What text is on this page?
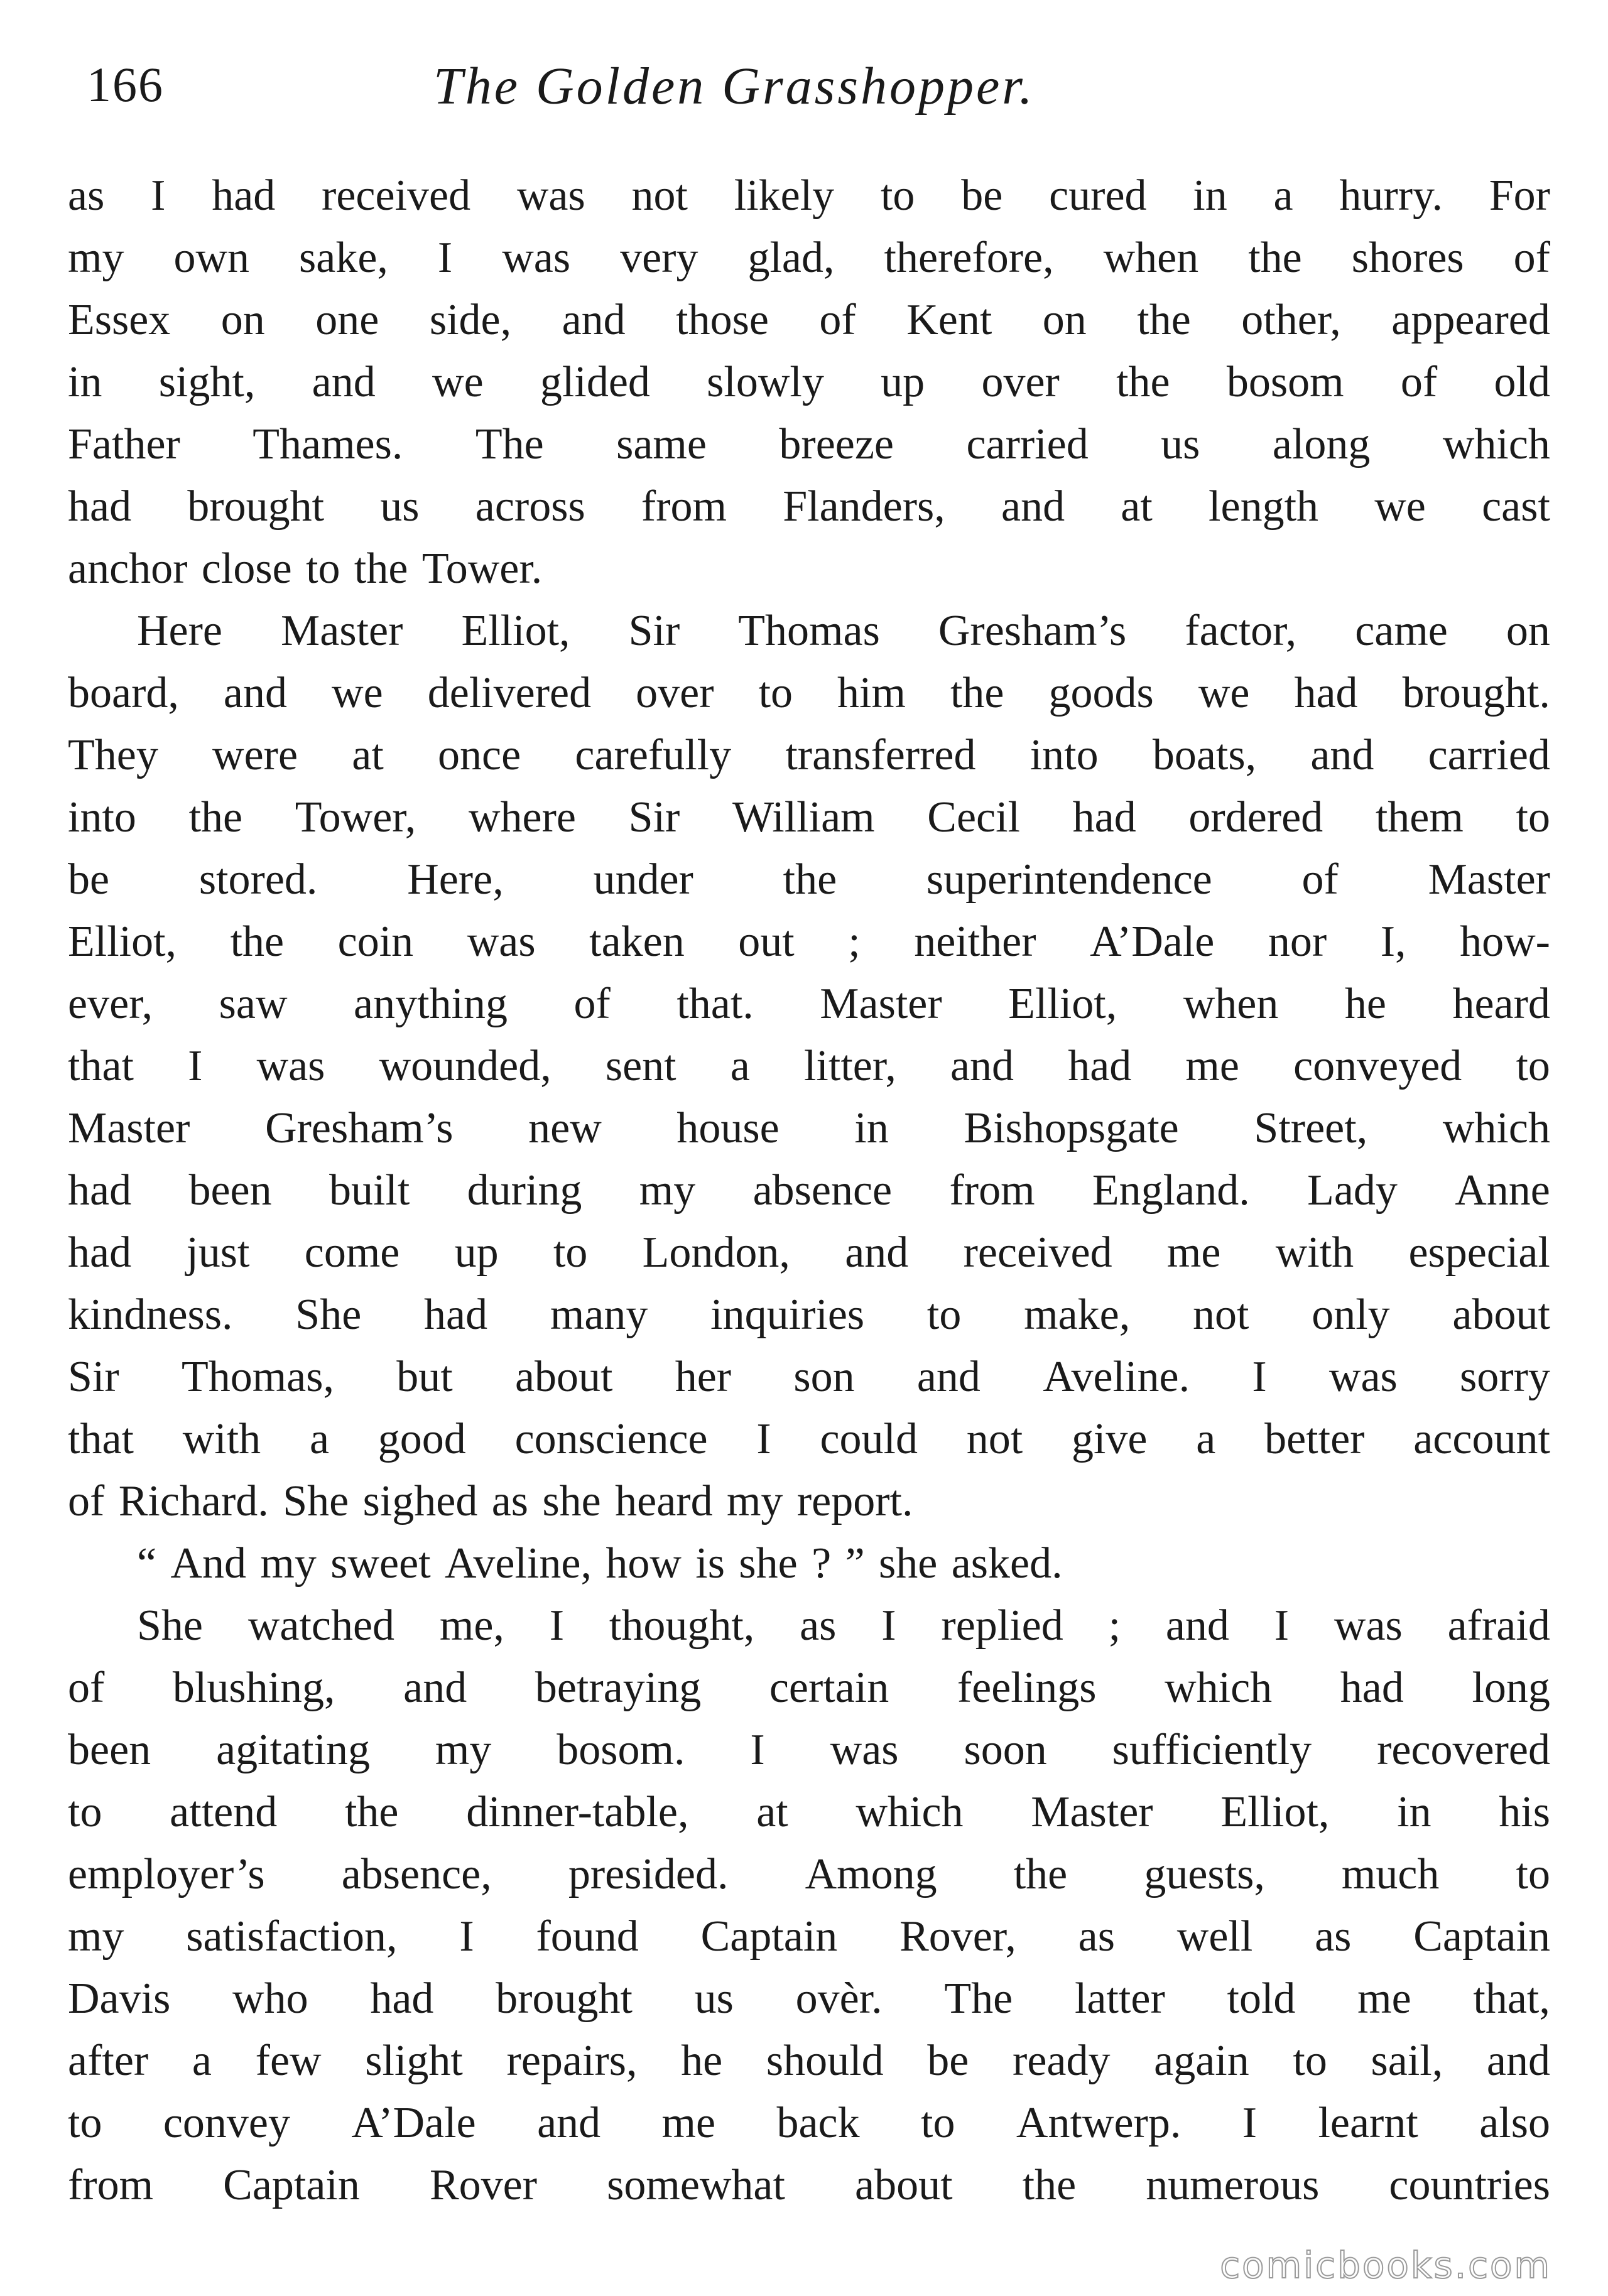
166	The Golden Grasshopper.
as I had received was not likely to be cured in a hurry. For
my own sake, I was very glad, therefore, when the shores of
Essex on one side, and those of Kent on the other, appeared
in sight, and we glided slowly up over the bosom of old
Father Thames. The same breeze carried us along which
had brought us across from Flanders, and at length we cast
anchor close to the Tower.
Here Master Elliot, Sir Thomas Gresham’s factor, came on
board, and we delivered over to him the goods we had brought.
They were at once carefully transferred into boats, and carried
into the Tower, where Sir William Cecil had ordered them to
be stored. Here, under the superintendence of Master
Elliot, the coin was taken out ; neither A’Dale nor I, how-
ever, saw anything of that. Master Elliot, when he heard
that I was wounded, sent a litter, and had me conveyed to
Master Gresham’s new house in Bishopsgate Street, which
had been built during my absence from England. Lady Anne
had just come up to London, and received me with especial
kindness. She had many inquiries to make, not only about
Sir Thomas, but about her son and Aveline. I was sorry
that with a good conscience I could not give a better account
of Richard. She sighed as she heard my report.
“ And my sweet Aveline, how is she ? ” she asked.
She watched me, I thought, as I replied ; and I was afraid
of blushing, and betraying certain feelings which had long
been agitating my bosom. I was soon sufficiently recovered
to attend the dinner-table, at which Master Elliot, in his
employer’s absence, presided. Among the guests, much to
my satisfaction, I found Captain Rover, as well as Captain
Davis who had brought us ovèr. The latter told me that,
after a few slight repairs, he should be ready again to sail, and
to convey A’Dale and me back to Antwerp. I learnt also
from Captain Rover somewhat about the numerous countries
comicbooks.com
